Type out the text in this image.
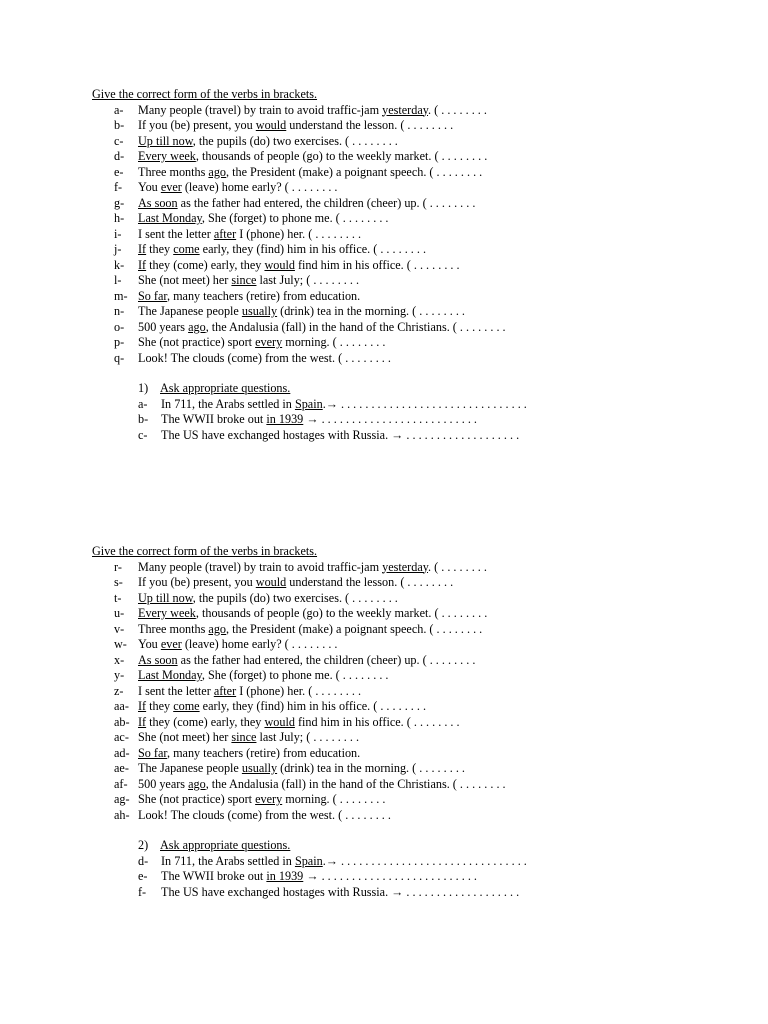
Give the correct form of the verbs in brackets.
a- Many people (travel) by train to avoid traffic-jam yesterday. ( . . . . . . . .
b- If you (be) present, you would understand the lesson. ( . . . . . . . .
c- Up till now, the pupils (do) two exercises. ( . . . . . . . .
d- Every week, thousands of people (go) to the weekly market. ( . . . . . . . .
e- Three months ago, the President (make) a poignant speech. ( . . . . . . . .
f- You ever (leave) home early? ( . . . . . . . .
g- As soon as the father had entered, the children (cheer) up. ( . . . . . . . .
h- Last Monday, She (forget) to phone me. ( . . . . . . . .
i- I sent the letter after I (phone) her. ( . . . . . . . .
j- If they come early, they (find) him in his office. ( . . . . . . . .
k- If they (come) early, they would find him in his office. ( . . . . . . . .
l- She (not meet) her since last July; ( . . . . . . . .
m- So far, many teachers (retire) from education.
n- The Japanese people usually (drink) tea in the morning. ( . . . . . . . .
o- 500 years ago, the Andalusia (fall) in the hand of the Christians. ( . . . . . . . .
p- She (not practice) sport every morning. ( . . . . . . . .
q- Look! The clouds (come) from the west. ( . . . . . . . .
1) Ask appropriate questions.
a- In 711, the Arabs settled in Spain.→ . . . . . . . . . . . . . . . . . . . . . . . . . . . . . . .
b- The WWII broke out in 1939 → . . . . . . . . . . . . . . . . . . . . . . . . . .
c- The US have exchanged hostages with Russia. → . . . . . . . . . . . . . . . . . . .
Give the correct form of the verbs in brackets.
r- Many people (travel) by train to avoid traffic-jam yesterday. ( . . . . . . . .
s- If you (be) present, you would understand the lesson. ( . . . . . . . .
t- Up till now, the pupils (do) two exercises. ( . . . . . . . .
u- Every week, thousands of people (go) to the weekly market. ( . . . . . . . .
v- Three months ago, the President (make) a poignant speech. ( . . . . . . . .
w- You ever (leave) home early? ( . . . . . . . .
x- As soon as the father had entered, the children (cheer) up. ( . . . . . . . .
y- Last Monday, She (forget) to phone me. ( . . . . . . . .
z- I sent the letter after I (phone) her. ( . . . . . . . .
aa- If they come early, they (find) him in his office. ( . . . . . . . .
ab- If they (come) early, they would find him in his office. ( . . . . . . . .
ac- She (not meet) her since last July; ( . . . . . . . .
ad- So far, many teachers (retire) from education.
ae- The Japanese people usually (drink) tea in the morning. ( . . . . . . . .
af- 500 years ago, the Andalusia (fall) in the hand of the Christians. ( . . . . . . . .
ag- She (not practice) sport every morning. ( . . . . . . . .
ah- Look! The clouds (come) from the west. ( . . . . . . . .
2) Ask appropriate questions.
d- In 711, the Arabs settled in Spain.→ . . . . . . . . . . . . . . . . . . . . . . . . . . . . . . .
e- The WWII broke out in 1939 → . . . . . . . . . . . . . . . . . . . . . . . . . .
f- The US have exchanged hostages with Russia. → . . . . . . . . . . . . . . . . . . .
